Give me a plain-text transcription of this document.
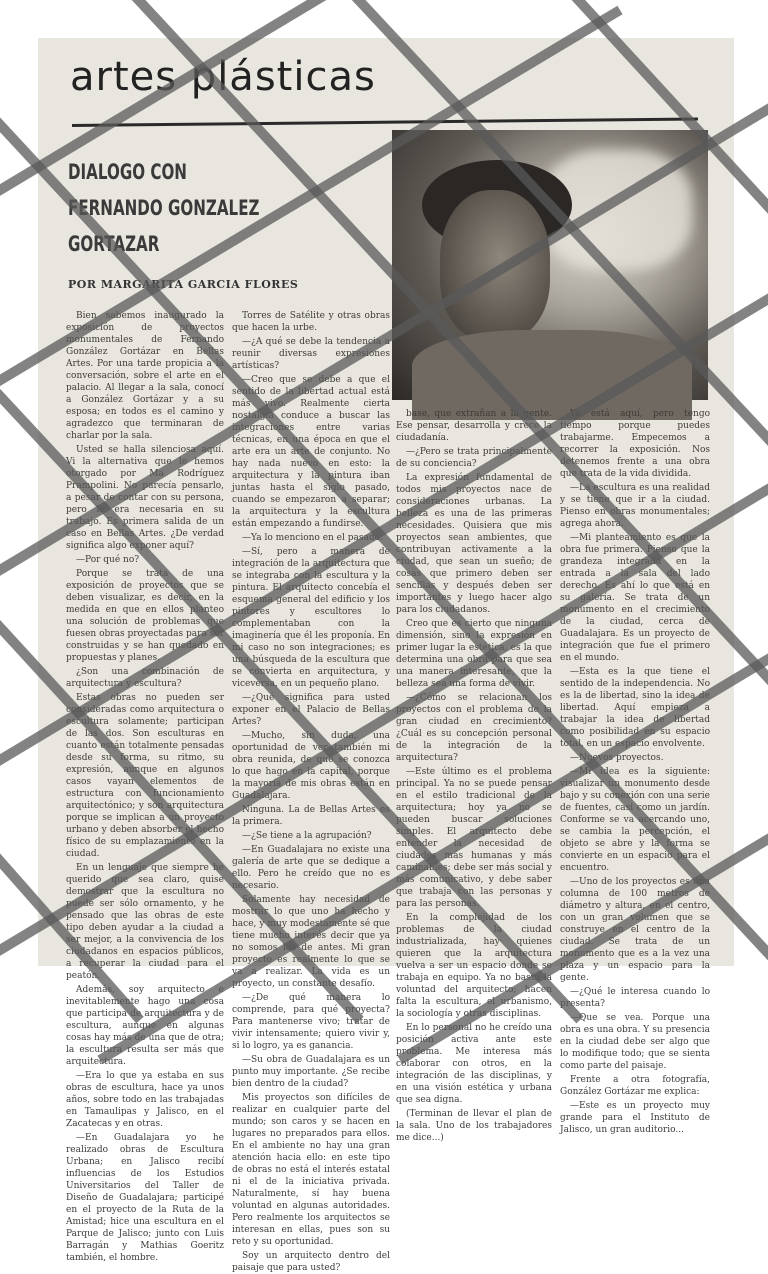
artes plásticas
DIALOGO CON
FERNANDO GONZALEZ
GORTAZAR

POR MARGARITA GARCIA FLORES

Bien sabemos inaugurado la exposición de proyectos monumentales de Fernando González Gortázar en Bellas Artes. Por una tarde propicia a la conversación, sobre el arte en el palacio. Al llegar a la sala, conocí a González Gortázar y a su esposa; en todos es el camino y agradezco que terminaran de charlar por la sala.

Usted se halla silenciosa aquí. Vi la alternativa que le hemos otorgado por Ma Rodríguez Prampolini. No parecía pensarlo, a pesar de contar con su persona, pero le era necesaria en su trabajo. Es primera salida de un caso en Bellas Artes. ¿De verdad significa algo exponer aquí?

—Por qué no?

Porque se trata de una exposición de proyectos que se deben visualizar, es decir, en la medida en que en ellos planteo una solución de problemas que fuesen obras proyectadas para ser construidas y se han quedado en propuestas y planes.

¿Son una combinación de arquitectura y escultura?

Estas obras no pueden ser consideradas como arquitectura o escultura solamente; participan de las dos. Son esculturas en cuanto están totalmente pensadas desde su forma, su ritmo, su expresión, aunque en algunos casos vayan elementos de estructura con funcionamiento arquitectónico; y son arquitectura porque se implican a un proyecto urbano y deben absorber el hecho físico de su emplazamiento en la ciudad.

En un lenguaje que siempre he querido que sea claro, quise demostrar que la escultura no puede ser sólo ornamento, y he pensado que las obras de este tipo deben ayudar a la ciudad a ser mejor, a la convivencia de los ciudadanos en espacios públicos, a recuperar la ciudad para el peatón.

Además, soy arquitecto e inevitablemente hago una cosa que participa de arquitectura y de escultura, aunque en algunas cosas hay más de una que de otra; la escultura resulta ser más que arquitectura.

—Era lo que ya estaba en sus obras de escultura, hace ya unos años, sobre todo en las trabajadas en Tamaulipas y Jalisco, en el Zacatecas y en otras.

—En Guadalajara yo he realizado obras de Escultura Urbana; en Jalisco recibí influencias de los Estudios Universitarios del Taller de Diseño de Guadalajara; participé en el proyecto de la Ruta de la Amistad; hice una escultura en el Parque de Jalisco; junto con Luis Barragán y Mathias Goeritz también, el hombre.

Torres de Satélite y otras obras que hacen la urbe.

—¿A qué se debe la tendencia a reunir diversas expresiones artísticas?

—Creo que se debe a que el sentido de la libertad actual está más vivo. Realmente cierta nostalgia conduce a buscar las integraciones entre varias técnicas, en una época en que el arte era un arte de conjunto. No hay nada nuevo en esto: la arquitectura y la pintura iban juntas hasta el siglo pasado, cuando se empezaron a separar; la arquitectura y la escultura están empezando a fundirse.

—Ya lo menciono en el pasado.

—Sí, pero a manera de integración de la arquitectura que se integraba con la escultura y la pintura. El arquitecto concebía el esquema general del edificio y los pintores y escultores lo complementaban con la imaginería que él les proponía. En mi caso no son integraciones; es una búsqueda de la escultura que se convierta en arquitectura, y viceversa, en un pequeño plano.

—¿Qué significa para usted exponer en el Palacio de Bellas Artes?

—Mucho, sin duda, una oportunidad de ver también mi obra reunida, de que se conozca lo que hago en la capital, porque la mayoría de mis obras están en Guadalajara.

Ninguna. La de Bellas Artes es la primera.

—¿Se tiene a la agrupación?

—En Guadalajara no existe una galería de arte que se dedique a ello. Pero he creído que no es necesario.

Solamente hay necesidad de mostrar lo que uno ha hecho y hace, y muy modestamente sé que tiene mucho interés decir que ya no somos los de antes. Mi gran proyecto es realmente lo que se va a realizar. La vida es un proyecto, un constante desafío.

—¿De qué manera lo comprende, para qué proyecta? Para mantenerse vivo; tratar de vivir intensamente; quiero vivir y, si lo logro, ya es ganancia.

—Su obra de Guadalajara es un punto muy importante. ¿Se recibe bien dentro de la ciudad?

Mis proyectos son difíciles de realizar en cualquier parte del mundo; son caros y se hacen en lugares no preparados para ellos. En el ambiente no hay una gran atención hacia ello: en este tipo de obras no está el interés estatal ni el de la iniciativa privada. Naturalmente, sí hay buena voluntad en algunas autoridades. Pero realmente los arquitectos se interesan en ellas, pues son su reto y su oportunidad.

Soy un arquitecto dentro del paisaje que para usted?

base, que extrañan a la gente. Ese pensar, desarrolla y crece la ciudadanía.

—¿Pero se trata principalmente de su conciencia?

La expresión fundamental de todos mis proyectos nace de consideraciones urbanas. La belleza es una de las primeras necesidades. Quisiera que mis proyectos sean ambientes, que contribuyan activamente a la ciudad, que sean un sueño; de cosas que primero deben ser sencillas y después deben ser importantes y luego hacer algo para los ciudadanos.

Creo que es cierto que ninguna dimensión, sino la expresión en primer lugar la estética, es la que determina una obra para que sea una manera interesante, que la belleza sea una forma de vivir.

—¿Cómo se relacionan los proyectos con el problema de la gran ciudad en crecimiento? ¿Cuál es su concepción personal de la integración de la arquitectura?

—Este último es el problema principal. Ya no se puede pensar en el estilo tradicional de la arquitectura; hoy ya no se pueden buscar soluciones simples. El arquitecto debe entender la necesidad de ciudades más humanas y más caminables; debe ser más social y más comunicativo, y debe saber que trabaja con las personas y para las personas.

En la complejidad de los problemas de la ciudad industrializada, hay quienes quieren que la arquitectura vuelva a ser un espacio donde se trabaja en equipo. Ya no basta la voluntad del arquitecto; hacen falta la escultura, el urbanismo, la sociología y otras disciplinas.

En lo personal no he creído una posición activa ante este problema. Me interesa más colaborar con otros, en la integración de las disciplinas, y en una visión estética y urbana que sea digna.

(Terminan de llevar el plan de la sala. Uno de los trabajadores me dice...)

Ya está aquí, pero tengo tiempo porque puedes trabajarme. Empecemos a recorrer la exposición. Nos detenemos frente a una obra que trata de la vida dividida.

—La escultura es una realidad y se tiene que ir a la ciudad. Pienso en obras monumentales; agrega ahora.

—Mi planteamiento es que la obra fue primera. Pienso que la grandeza integrada en la entrada a la sala del lado derecho. Es ahí lo que está en su galería. Se trata de un monumento en el crecimiento de la ciudad, cerca de Guadalajara. Es un proyecto de integración que fue el primero en el mundo.

—Esta es la que tiene el sentido de la independencia. No es la de libertad, sino la idea de libertad. Aquí empieza a trabajar la idea de libertad como posibilidad en su espacio total, en un espacio envolvente.

—Nuevos proyectos.

—Mi idea es la siguiente: visualizar un monumento desde bajo y su conexión con una serie de fuentes, casi como un jardín. Conforme se va acercando uno, se cambia la percepción, el objeto se abre y la forma se convierte en un espacio para el encuentro.

—Uno de los proyectos es una columna de 100 metros de diámetro y altura, en el centro, con un gran volumen que se construye en el centro de la ciudad. Se trata de un monumento que es a la vez una plaza y un espacio para la gente.

—¿Qué le interesa cuando lo presenta?

—Que se vea. Porque una obra es una obra. Y su presencia en la ciudad debe ser algo que lo modifique todo; que se sienta como parte del paisaje.

Frente a otra fotografía, González Gortázar me explica:

—Este es un proyecto muy grande para el Instituto de Jalisco, un gran auditorio...
